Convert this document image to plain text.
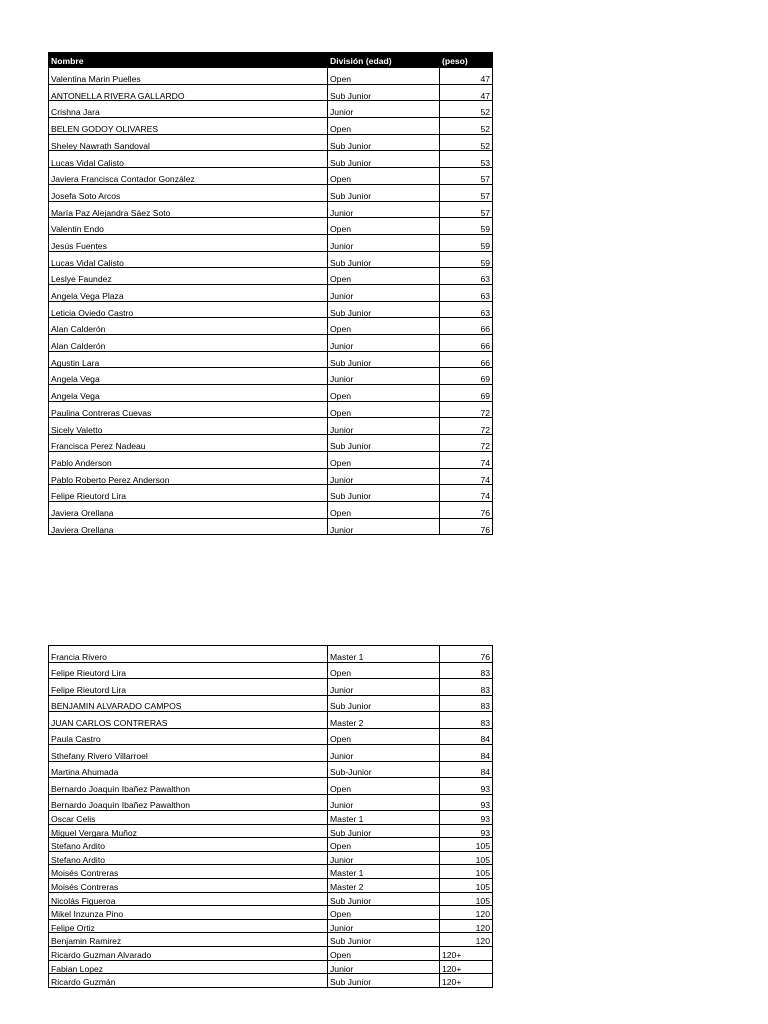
Nombre	División (edad)	(peso)
Valentina Marin Puelles	Open	47
ANTONELLA RIVERA GALLARDO	Sub Junior	47
Crishna Jara	Junior	52
BELEN GODOY OLIVARES	Open	52
Sheley Nawrath Sandoval	Sub Junior	52
Lucas Vidal Calisto	Sub Junior	53
Javiera Francisca Contador González	Open	57
Josefa Soto Arcos	Sub Junior	57
María Paz Alejandra Sáez Soto	Junior	57
Valentin Endo	Open	59
Jesús Fuentes	Junior	59
Lucas Vidal Calisto	Sub Junior	59
Leslye Faundez	Open	63
Angela Vega Plaza	Junior	63
Leticia Oviedo Castro	Sub Junior	63
Alan Calderón	Open	66
Alan Calderón	Junior	66
Agustin Lara	Sub Junior	66
Angela Vega	Junior	69
Angela Vega	Open	69
Paulina Contreras Cuevas	Open	72
Sicely Valetto	Junior	72
Francisca Perez Nadeau	Sub Junior	72
Pablo Anderson	Open	74
Pablo Roberto Perez Anderson	Junior	74
Felipe Rieutord Lira	Sub Junior	74
Javiera Orellana	Open	76
Javiera Orellana	Junior	76
Francia Rivero	Master 1	76
Felipe Rieutord Lira	Open	83
Felipe Rieutord Lira	Junior	83
BENJAMIN ALVARADO CAMPOS	Sub Junior	83
JUAN CARLOS CONTRERAS	Master 2	83
Paula Castro	Open	84
Sthefany Rivero Villarroel	Junior	84
Martina Ahumada	Sub-Junior	84
Bernardo Joaquín Ibañez Pawalthon	Open	93
Bernardo Joaquín Ibañez Pawalthon	Junior	93
Oscar Celis	Master 1	93
Miguel Vergara Muñoz	Sub Junior	93
Stefano Ardito	Open	105
Stefano Ardito	Junior	105
Moisés Contreras	Master 1	105
Moisés Contreras	Master 2	105
Nicolás Figueroa	Sub Junior	105
Mikel Inzunza Pino	Open	120
Felipe Ortiz	Junior	120
Benjamin Ramirez	Sub Junior	120
Ricardo Guzman Alvarado	Open	120+
Fabian Lopez	Junior	120+
Ricardo Guzmán	Sub Junior	120+
